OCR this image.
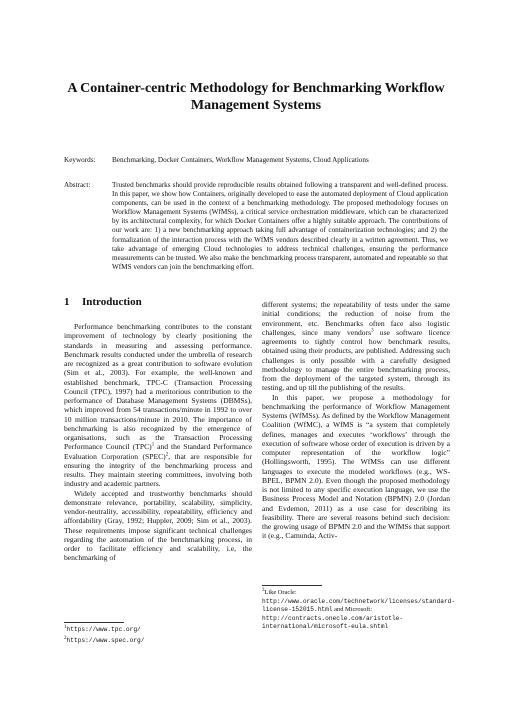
A Container-centric Methodology for Benchmarking Workflow
Management Systems
Keywords:	Benchmarking, Docker Containers, Workflow Management Systems, Cloud Applications
Abstract:	Trusted benchmarks should provide reproducible results obtained following a transparent and well-defined process. In this paper, we show how Containers, originally developed to ease the automated deployment of Cloud application components, can be used in the context of a benchmarking methodology. The proposed methodology focuses on Workflow Management Systems (WfMSs), a critical service orchestration middleware, which can be characterized by its architectural complexity, for which Docker Containers offer a highly suitable approach. The contributions of our work are: 1) a new benchmarking approach taking full advantage of containerization technologies; and 2) the formalization of the interaction process with the WfMS vendors described clearly in a written agreement. Thus, we take advantage of emerging Cloud technologies to address technical challenges, ensuring the performance measurements can be trusted. We also make the benchmarking process transparent, automated and repeatable so that WfMS vendors can join the benchmarking effort.
1 Introduction

Performance benchmarking contributes to the constant improvement of technology by clearly positioning the standards in measuring and assessing performance. Benchmark results conducted under the umbrella of research are recognized as a great contribution to software evolution (Sim et al., 2003). For example, the well-known and established benchmark, TPC-C (Transaction Processing Council (TPC), 1997) had a meritorious contribution to the performance of Database Management Systems (DBMSs), which improved from 54 transactions/minute in 1992 to over 10 million transactions/minute in 2010. The importance of benchmarking is also recognized by the emergence of organisations, such as the Transaction Processing Performance Council (TPC)$^1$ and the Standard Performance Evaluation Corporation (SPEC)$^2$, that are responsible for ensuring the integrity of the benchmarking process and results. They maintain steering committees, involving both industry and academic partners.

Widely accepted and trustworthy benchmarks should demonstrate relevance, portability, scalability, simplicity, vendor-neutrality, accessibility, repeatability, efficiency and affordability (Gray, 1992; Huppler, 2009; Sim et al., 2003). These requirements impose significant technical challenges regarding the automation of the benchmarking process, in order to facilitate efficiency and scalability, i.e, the benchmarking of

$^1$https://www.tpc.org/
$^2$https://www.spec.org/

different systems; the repeatability of tests under the same initial conditions; the reduction of noise from the environment, etc. Benchmarks often face also logistic challenges, since many vendors$^3$ use software licence agreements to tightly control how benchmark results, obtained using their products, are published. Addressing such challenges is only possible with a carefully designed methodology to manage the entire benchmarking process, from the deployment of the targeted system, through its testing, and up till the publishing of the results.

In this paper, we propose a methodology for benchmarking the performance of Workflow Management Systems (WfMSs). As defined by the Workflow Management Coalition (WfMC), a WfMS is “a system that completely defines, manages and executes ‘workflows’ through the execution of software whose order of execution is driven by a computer representation of the workflow logic” (Hollingsworth, 1995). The WfMSs can use different languages to execute the modeled workflows (e.g., WS-BPEL, BPMN 2.0). Even though the proposed methodology is not limited to any specific execution language, we use the Business Process Model and Notation (BPMN) 2.0 (Jordan and Evdemon, 2011) as a use case for describing its feasibility. There are several reasons behind such decision: the growing usage of BPMN 2.0 and the WfMSs that support it (e.g., Camunda, Activ-

$^3$Like Oracle: http://www.oracle.com/technetwork/licenses/standard-license-152015.html and Microsoft: http://contracts.onecle.com/aristotle-international/microsoft-eula.shtml
